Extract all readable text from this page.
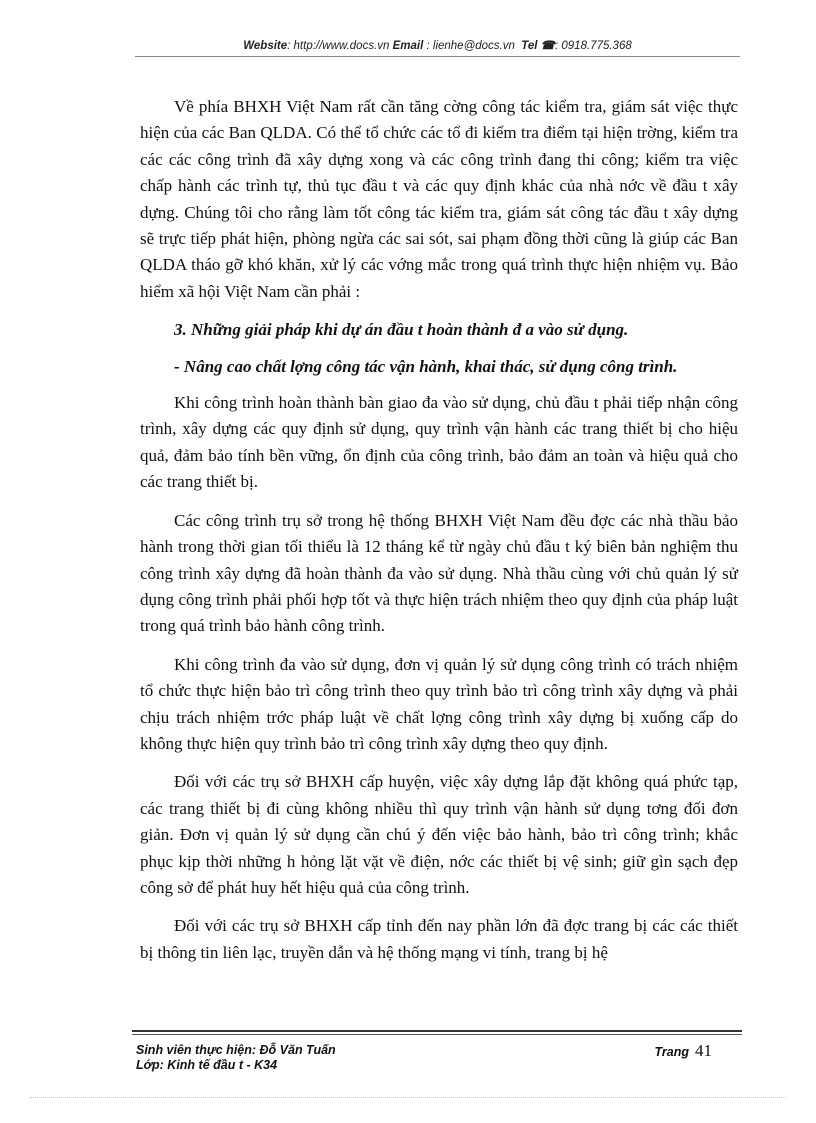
Website: http://www.docs.vn Email : lienhe@docs.vn Tel ☎: 0918.775.368

Về phía BHXH Việt Nam rất cần tăng cờng công tác kiểm tra, giám sát việc thực hiện của các Ban QLDA. Có thể tổ chức các tổ đi kiểm tra điểm tại hiện trờng, kiểm tra các các công trình đã xây dựng xong và các công trình đang thi công; kiểm tra việc chấp hành các trình tự, thủ tục đầu t và các quy định khác của nhà nớc về đầu t xây dựng. Chúng tôi cho rằng làm tốt công tác kiểm tra, giám sát công tác đầu t xây dựng sẽ trực tiếp phát hiện, phòng ngừa các sai sót, sai phạm đồng thời cũng là giúp các Ban QLDA tháo gỡ khó khăn, xử lý các vớng mắc trong quá trình thực hiện nhiệm vụ. Bảo hiểm xã hội Việt Nam cần phải :

3. Những giải pháp khi dự án đầu t hoàn thành đ a vào sử dụng.

- Nâng cao chất lợng công tác vận hành, khai thác, sử dụng công trình.

Khi công trình hoàn thành bàn giao đa vào sử dụng, chủ đầu t phải tiếp nhận công trình, xây dựng các quy định sử dụng, quy trình vận hành các trang thiết bị cho hiệu quả, đảm bảo tính bền vững, ổn định của công trình, bảo đảm an toàn và hiệu quả cho các trang thiết bị.

Các công trình trụ sở trong hệ thống BHXH Việt Nam đều đợc các nhà thầu bảo hành trong thời gian tối thiểu là 12 tháng kể từ ngày chủ đầu t ký biên bản nghiệm thu công trình xây dựng đã hoàn thành đa vào sử dụng. Nhà thầu cùng với chủ quản lý sử dụng công trình phải phối hợp tốt và thực hiện trách nhiệm theo quy định của pháp luật trong quá trình bảo hành công trình.

Khi công trình đa vào sử dụng, đơn vị quản lý sử dụng công trình có trách nhiệm tổ chức thực hiện bảo trì công trình theo quy trình bảo trì công trình xây dựng và phải chịu trách nhiệm trớc pháp luật về chất lợng công trình xây dựng bị xuống cấp do không thực hiện quy trình bảo trì công trình xây dựng theo quy định.

Đối với các trụ sở BHXH cấp huyện, việc xây dựng lắp đặt không quá phức tạp, các trang thiết bị đi cùng không nhiều thì quy trình vận hành sử dụng tơng đối đơn giản. Đơn vị quản lý sử dụng cần chú ý đến việc bảo hành, bảo trì công trình; khắc phục kịp thời những h hỏng lặt vặt về điện, nớc các thiết bị vệ sinh; giữ gìn sạch đẹp công sở để phát huy hết hiệu quả của công trình.

Đối với các trụ sở BHXH cấp tỉnh đến nay phần lớn đã đợc trang bị các các thiết bị thông tin liên lạc, truyền dẫn và hệ thống mạng vi tính, trang bị hệ

Sinh viên thực hiện: Đỗ Văn Tuấn
Lớp: Kinh tế đầu t - K34
Trang 41
